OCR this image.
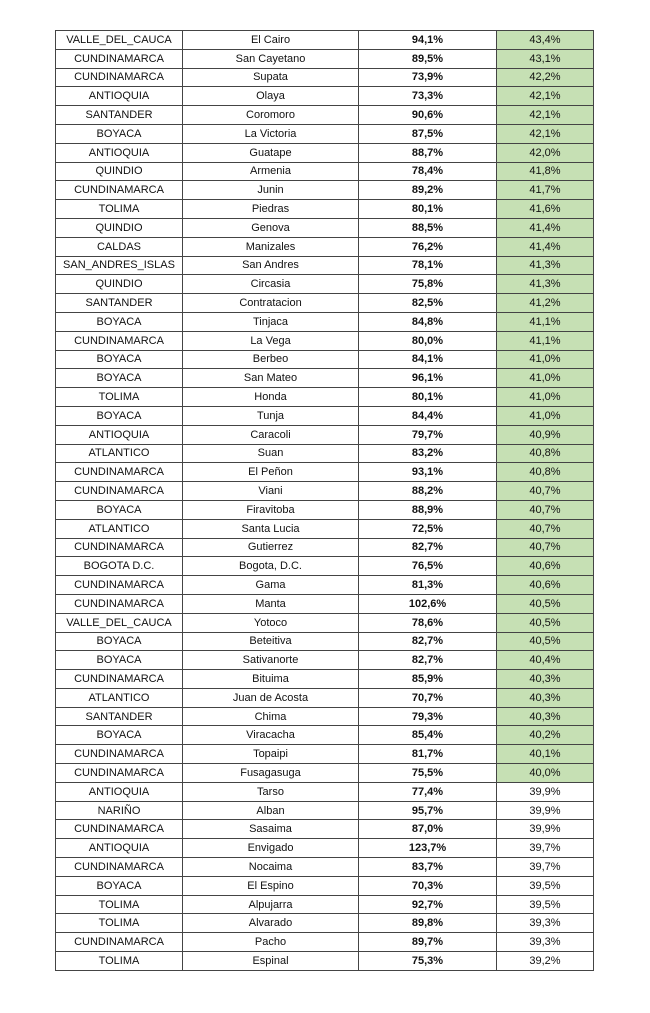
VALLE_DEL_CAUCA	El Cairo	94,1%	43,4%
CUNDINAMARCA	San Cayetano	89,5%	43,1%
CUNDINAMARCA	Supata	73,9%	42,2%
ANTIOQUIA	Olaya	73,3%	42,1%
SANTANDER	Coromoro	90,6%	42,1%
BOYACA	La Victoria	87,5%	42,1%
ANTIOQUIA	Guatape	88,7%	42,0%
QUINDIO	Armenia	78,4%	41,8%
CUNDINAMARCA	Junin	89,2%	41,7%
TOLIMA	Piedras	80,1%	41,6%
QUINDIO	Genova	88,5%	41,4%
CALDAS	Manizales	76,2%	41,4%
SAN_ANDRES_ISLAS	San Andres	78,1%	41,3%
QUINDIO	Circasia	75,8%	41,3%
SANTANDER	Contratacion	82,5%	41,2%
BOYACA	Tinjaca	84,8%	41,1%
CUNDINAMARCA	La Vega	80,0%	41,1%
BOYACA	Berbeo	84,1%	41,0%
BOYACA	San Mateo	96,1%	41,0%
TOLIMA	Honda	80,1%	41,0%
BOYACA	Tunja	84,4%	41,0%
ANTIOQUIA	Caracoli	79,7%	40,9%
ATLANTICO	Suan	83,2%	40,8%
CUNDINAMARCA	El Peñon	93,1%	40,8%
CUNDINAMARCA	Viani	88,2%	40,7%
BOYACA	Firavitoba	88,9%	40,7%
ATLANTICO	Santa Lucia	72,5%	40,7%
CUNDINAMARCA	Gutierrez	82,7%	40,7%
BOGOTA D.C.	Bogota, D.C.	76,5%	40,6%
CUNDINAMARCA	Gama	81,3%	40,6%
CUNDINAMARCA	Manta	102,6%	40,5%
VALLE_DEL_CAUCA	Yotoco	78,6%	40,5%
BOYACA	Beteitiva	82,7%	40,5%
BOYACA	Sativanorte	82,7%	40,4%
CUNDINAMARCA	Bituima	85,9%	40,3%
ATLANTICO	Juan de Acosta	70,7%	40,3%
SANTANDER	Chima	79,3%	40,3%
BOYACA	Viracacha	85,4%	40,2%
CUNDINAMARCA	Topaipi	81,7%	40,1%
CUNDINAMARCA	Fusagasuga	75,5%	40,0%
ANTIOQUIA	Tarso	77,4%	39,9%
NARIÑO	Alban	95,7%	39,9%
CUNDINAMARCA	Sasaima	87,0%	39,9%
ANTIOQUIA	Envigado	123,7%	39,7%
CUNDINAMARCA	Nocaima	83,7%	39,7%
BOYACA	El Espino	70,3%	39,5%
TOLIMA	Alpujarra	92,7%	39,5%
TOLIMA	Alvarado	89,8%	39,3%
CUNDINAMARCA	Pacho	89,7%	39,3%
TOLIMA	Espinal	75,3%	39,2%
